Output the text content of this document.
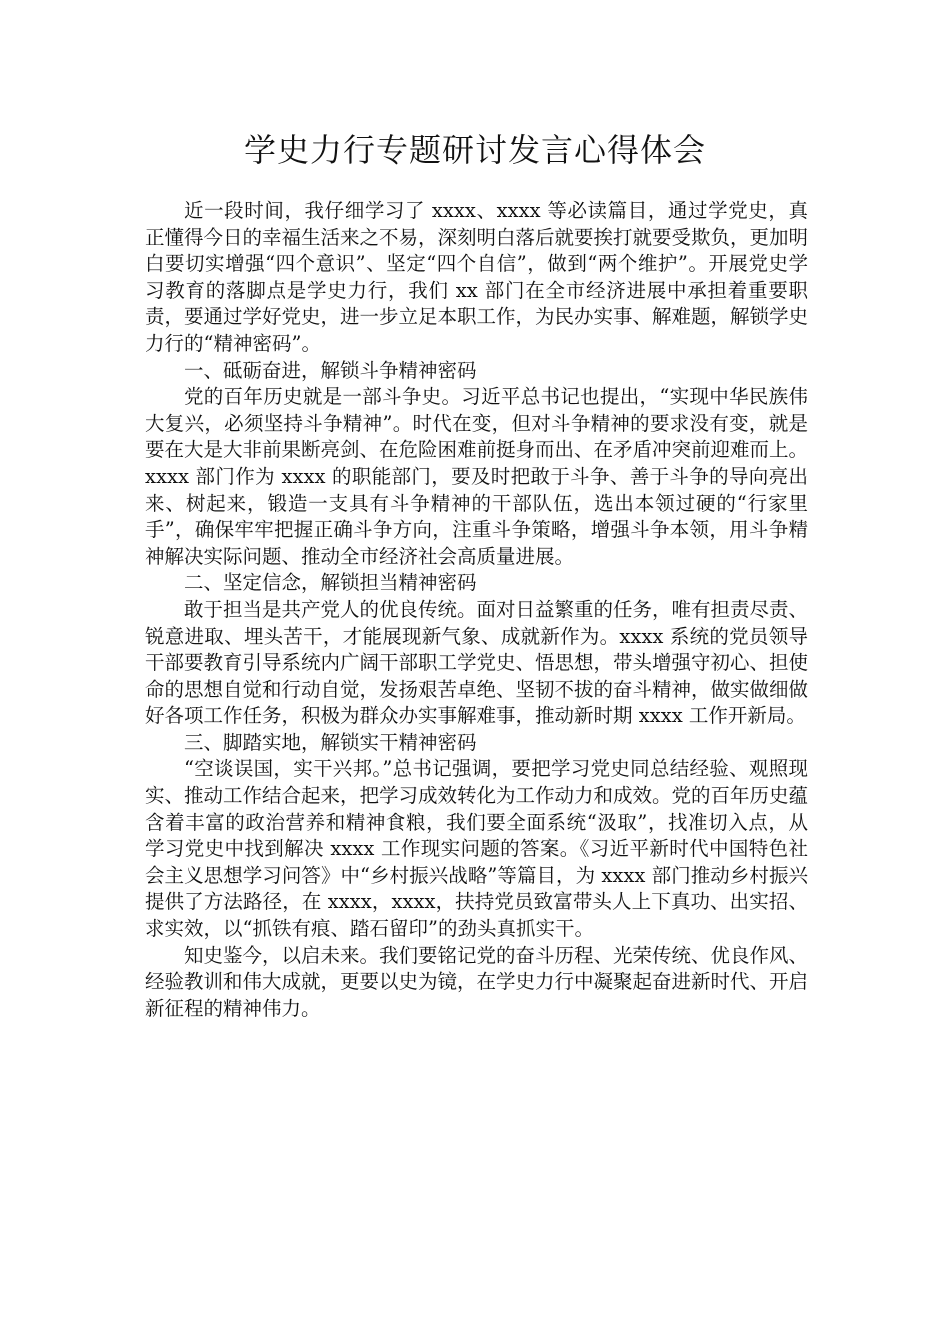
学史力行专题研讨发言心得体会

近一段时间，我仔细学习了 xxxx、xxxx 等必读篇目，通过学党史，真正懂得今日的幸福生活来之不易，深刻明白落后就要挨打就要受欺负，更加明白要切实增强“四个意识”、坚定“四个自信”，做到“两个维护”。开展党史学习教育的落脚点是学史力行，我们 xx 部门在全市经济进展中承担着重要职责，要通过学好党史，进一步立足本职工作，为民办实事、解难题，解锁学史力行的“精神密码”。

一、砥砺奋进，解锁斗争精神密码

党的百年历史就是一部斗争史。习近平总书记也提出，“实现中华民族伟大复兴，必须坚持斗争精神”。时代在变，但对斗争精神的要求没有变，就是要在大是大非前果断亮剑、在危险困难前挺身而出、在矛盾冲突前迎难而上。xxxx 部门作为 xxxx 的职能部门，要及时把敢于斗争、善于斗争的导向亮出来、树起来，锻造一支具有斗争精神的干部队伍，选出本领过硬的“行家里手”，确保牢牢把握正确斗争方向，注重斗争策略，增强斗争本领，用斗争精神解决实际问题、推动全市经济社会高质量进展。

二、坚定信念，解锁担当精神密码

敢于担当是共产党人的优良传统。面对日益繁重的任务，唯有担责尽责、锐意进取、埋头苦干，才能展现新气象、成就新作为。xxxx 系统的党员领导干部要教育引导系统内广阔干部职工学党史、悟思想，带头增强守初心、担使命的思想自觉和行动自觉，发扬艰苦卓绝、坚韧不拔的奋斗精神，做实做细做好各项工作任务，积极为群众办实事解难事，推动新时期 xxxx 工作开新局。

三、脚踏实地，解锁实干精神密码

“空谈误国，实干兴邦。”总书记强调，要把学习党史同总结经验、观照现实、推动工作结合起来，把学习成效转化为工作动力和成效。党的百年历史蕴含着丰富的政治营养和精神食粮，我们要全面系统“汲取”，找准切入点，从学习党史中找到解决 xxxx 工作现实问题的答案。《习近平新时代中国特色社会主义思想学习问答》中“乡村振兴战略”等篇目，为 xxxx 部门推动乡村振兴提供了方法路径，在 xxxx，xxxx，扶持党员致富带头人上下真功、出实招、求实效，以“抓铁有痕、踏石留印”的劲头真抓实干。

知史鉴今，以启未来。我们要铭记党的奋斗历程、光荣传统、优良作风、经验教训和伟大成就，更要以史为镜，在学史力行中凝聚起奋进新时代、开启新征程的精神伟力。
